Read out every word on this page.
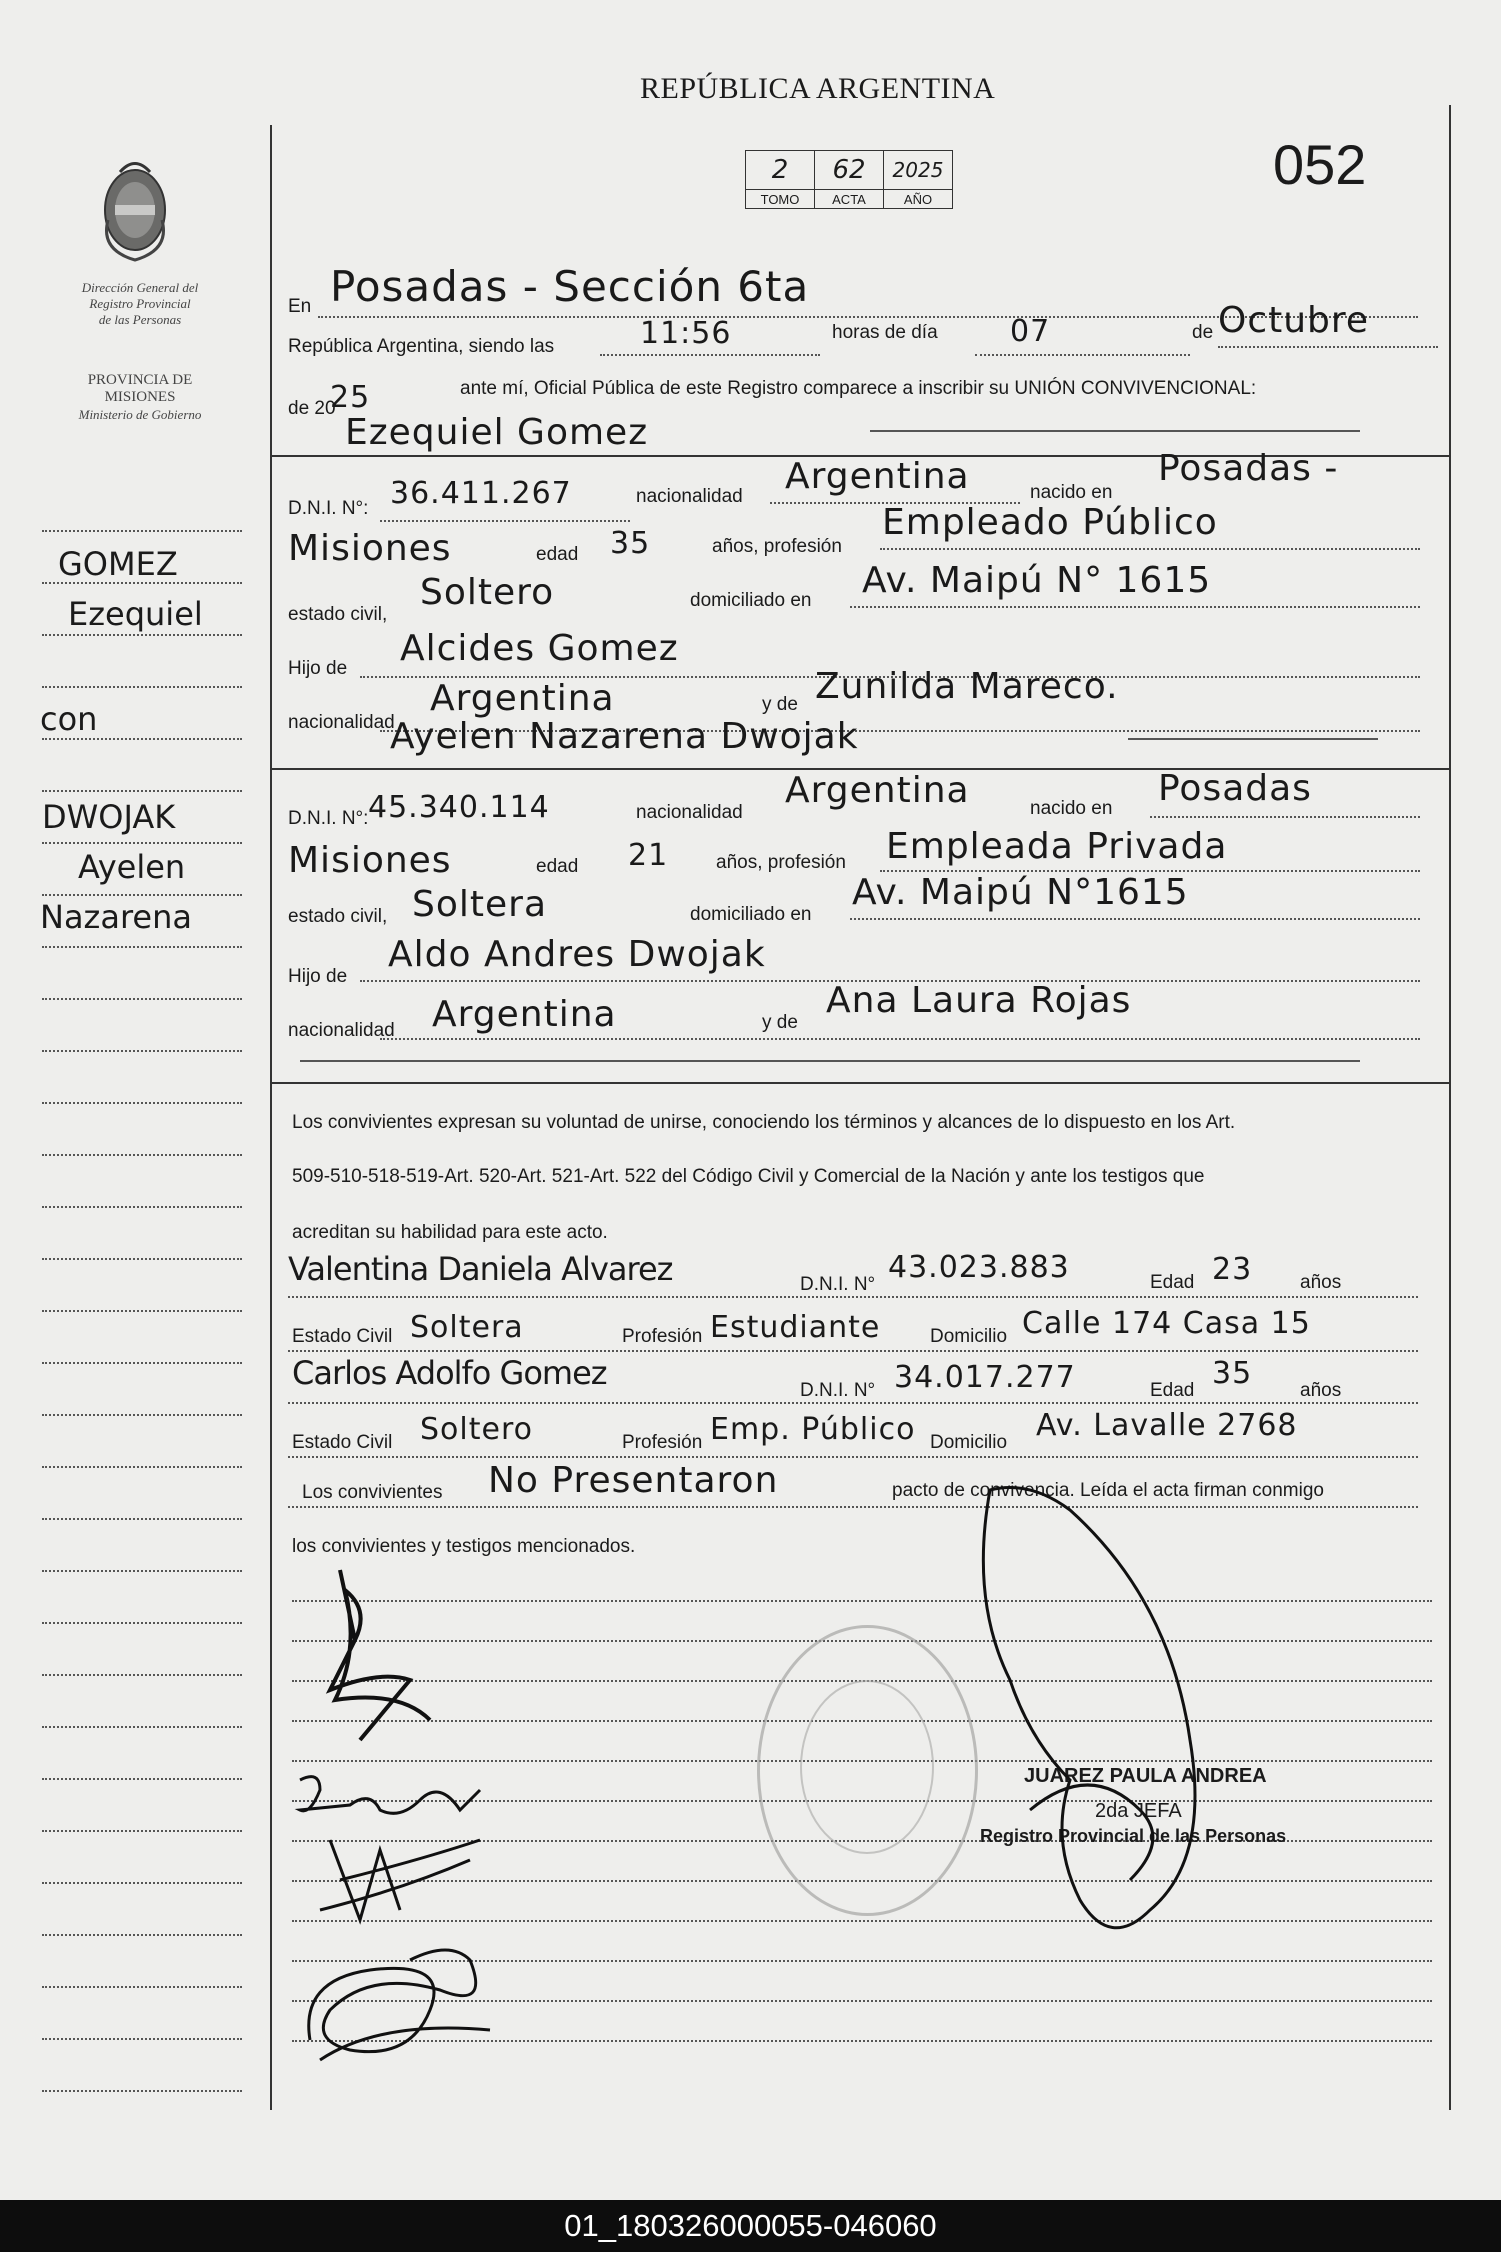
REPÚBLICA ARGENTINA
052
2	62	2025
TOMO	ACTA	AÑO
Dirección General del
Registro Provincial
de las Personas
PROVINCIA DE
MISIONES
Ministerio de Gobierno
GOMEZ
Ezequiel
con
DWOJAK
Ayelen
Nazarena
En Posadas - Sección 6ta
República Argentina, siendo las	11:56	horas de día 07	de Octubre
de 20
25	ante mí, Oficial Pública de este Registro comparece a inscribir su UNIÓN CONVIVENCIONAL:
Ezequiel Gomez
D.N.I. N°: 36.411.267	nacionalidad Argentina	nacido en
Posadas -
Misiones	edad 35	años, profesión
Empleado Público
estado civil,
Soltero	domiciliado en Av. Maipú N° 1615
Hijo de Alcides Gomez
nacionalidad
Argentina	y de Zunilda Mareco.
Ayelen Nazarena Dwojak
D.N.I. N°: 45.340.114	nacionalidad
Argentina	nacido en Posadas
Misiones	edad 21	años, profesión Empleada Privada
estado civil, Soltera	domiciliado en
Av. Maipú N°1615
Hijo de
Aldo Andres Dwojak
nacionalidad Argentina	y de
Ana Laura Rojas
Los convivientes expresan su voluntad de unirse, conociendo los términos y alcances de lo dispuesto en los Art.
509-510-518-519-Art. 520-Art. 521-Art. 522 del Código Civil y Comercial de la Nación y ante los testigos que
acreditan su habilidad para este acto.
Valentina Daniela Alvarez	D.N.I. N° 43.023.883	Edad 23	años
Estado Civil Soltera	Profesión Estudiante	Domicilio Calle 174 Casa 15
Carlos Adolfo Gomez	D.N.I. N° 34.017.277	Edad 35	años
Estado Civil Soltero	Profesión Emp. Público Domicilio Av. Lavalle 2768
Los convivientes No Presentaron	pacto de convivencia. Leída el acta firman conmigo
los convivientes y testigos mencionados.
JUAREZ PAULA ANDREA
2da JEFA
Registro Provincial de las Personas
01_180326000055-046060
